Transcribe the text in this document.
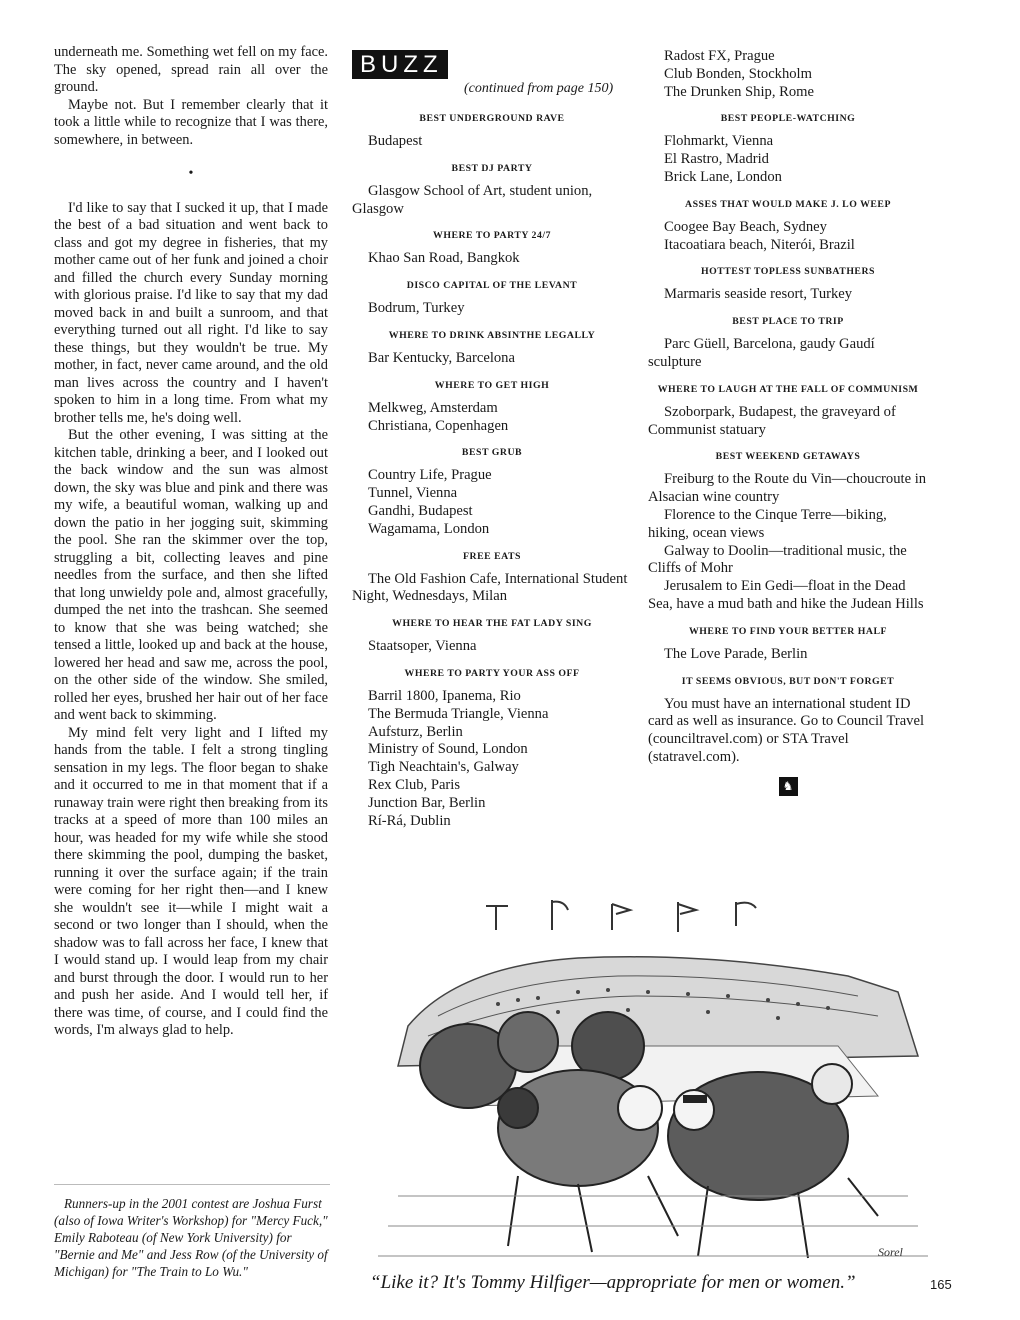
underneath me. Something wet fell on my face. The sky opened, spread rain all over the ground.

Maybe not. But I remember clearly that it took a little while to recognize that I was there, somewhere, in between.

•

I'd like to say that I sucked it up, that I made the best of a bad situation and went back to class and got my degree in fisheries, that my mother came out of her funk and joined a choir and filled the church every Sunday morning with glorious praise. I'd like to say that my dad moved back in and built a sunroom, and that everything turned out all right. I'd like to say these things, but they wouldn't be true. My mother, in fact, never came around, and the old man lives across the country and I haven't spoken to him in a long time. From what my brother tells me, he's doing well.

But the other evening, I was sitting at the kitchen table, drinking a beer, and I looked out the back window and the sun was almost down, the sky was blue and pink and there was my wife, a beautiful woman, walking up and down the patio in her jogging suit, skimming the pool. She ran the skimmer over the top, struggling a bit, collecting leaves and pine needles from the surface, and then she lifted that long unwieldy pole and, almost gracefully, dumped the net into the trashcan. She seemed to know that she was being watched; she tensed a little, looked up and back at the house, lowered her head and saw me, across the pool, on the other side of the window. She smiled, rolled her eyes, brushed her hair out of her face and went back to skimming.

My mind felt very light and I lifted my hands from the table. I felt a strong tingling sensation in my legs. The floor began to shake and it occurred to me in that moment that if a runaway train were right then breaking from its tracks at a speed of more than 100 miles an hour, was headed for my wife while she stood there skimming the pool, dumping the basket, running it over the surface again; if the train were coming for her right then—and I knew she wouldn't see it—while I might wait a second or two longer than I should, when the shadow was to fall across her face, I knew that I would stand up. I would leap from my chair and burst through the door. I would run to her and push her aside. And I would tell her, if there was time, of course, and I could find the words, I'm always glad to help.

Runners-up in the 2001 contest are Joshua Furst (also of Iowa Writer's Workshop) for "Mercy Fuck," Emily Raboteau (of New York University) for "Bernie and Me" and Jess Row (of the University of Michigan) for "The Train to Lo Wu."
BUZZ
(continued from page 150)
BEST UNDERGROUND RAVE
Budapest
BEST DJ PARTY
Glasgow School of Art, student union, Glasgow
WHERE TO PARTY 24/7
Khao San Road, Bangkok
DISCO CAPITAL OF THE LEVANT
Bodrum, Turkey
WHERE TO DRINK ABSINTHE LEGALLY
Bar Kentucky, Barcelona
WHERE TO GET HIGH
Melkweg, Amsterdam
Christiana, Copenhagen
BEST GRUB
Country Life, Prague
Tunnel, Vienna
Gandhi, Budapest
Wagamama, London
FREE EATS
The Old Fashion Cafe, International Student Night, Wednesdays, Milan
WHERE TO HEAR THE FAT LADY SING
Staatsoper, Vienna
WHERE TO PARTY YOUR ASS OFF
Barril 1800, Ipanema, Rio
The Bermuda Triangle, Vienna
Aufsturz, Berlin
Ministry of Sound, London
Tigh Neachtain's, Galway
Rex Club, Paris
Junction Bar, Berlin
Rí-Rá, Dublin
Radost FX, Prague
Club Bonden, Stockholm
The Drunken Ship, Rome
BEST PEOPLE-WATCHING
Flohmarkt, Vienna
El Rastro, Madrid
Brick Lane, London
ASSES THAT WOULD MAKE J. LO WEEP
Coogee Bay Beach, Sydney
Itacoatiara beach, Niterói, Brazil
HOTTEST TOPLESS SUNBATHERS
Marmaris seaside resort, Turkey
BEST PLACE TO TRIP
Parc Güell, Barcelona, gaudy Gaudí sculpture
WHERE TO LAUGH AT THE FALL OF COMMUNISM
Szoborpark, Budapest, the graveyard of Communist statuary
BEST WEEKEND GETAWAYS
Freiburg to the Route du Vin—choucroute in Alsacian wine country
Florence to the Cinque Terre—biking, hiking, ocean views
Galway to Doolin—traditional music, the Cliffs of Mohr
Jerusalem to Ein Gedi—float in the Dead Sea, have a mud bath and hike the Judean Hills
WHERE TO FIND YOUR BETTER HALF
The Love Parade, Berlin
IT SEEMS OBVIOUS, BUT DON'T FORGET
You must have an international student ID card as well as insurance. Go to Council Travel (counciltravel.com) or STA Travel (statravel.com).
♞
Sorel
“Like it? It's Tommy Hilfiger—appropriate for men or women.”	165
